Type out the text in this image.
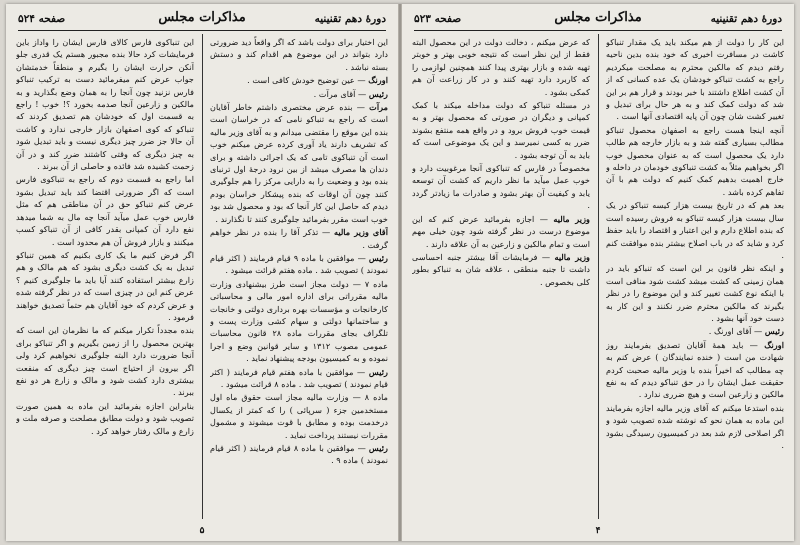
دورهٔ دهم تقنینیه
مذاکرات مجلس
صفحه ۵۲۴

این اختیار برای دولت باشد که اگر واقعاً دید ضرورتی دارد بتواند در این موضوع هم اقدام کند و دستش بسته نباشد .

اورنگ — عین توضیح خودش کافی است .

رئیس — آقای مرآت .

مرآت — بنده عرض مختصری داشتم خاطر آقایان است که راجع به تنباکو نامی که در خراسان است بنده این موقع را مقتضی میدانم و به آقای وزیر مالیه که تشریف دارند یاد آوری کرده عرض میکنم خوب است آن تنباکوی تامی که یک اجرائی داشته و برای دندان ها مصرف میشد از بین نرود درجهٔ اول ترنبای بنده بود و وضعیت را به دارایی مرکز را هم جلوگیری کنند چون آن اوقات که بنده پیشکار خراسان بودم دیدم که حاصل این کار آنجا که بود و محصول شد بود خوب است مقرر بفرمائید جلوگیری کنند تا نگذارند .

آقای وزیر مالیه — تذکر آقا را بنده در نظر خواهم گرفت .

رئیس — موافقین با ماده ۹ قیام فرمایند ( اکثر قیام نمودند ) تصویب شد . ماده هفتم قرائت میشود .

ماده ۷ — دولت مجاز است طرز بیشنهادی وزارت مالیه مقرراتی برای اداره امور مالی و محاسباتی کارخانجات و مؤسسات بهره برداری دولتی و خانجات و ساختمانها دولتی و سهام کشی وزارت پست و تلگراف بجای مقررات ماده ۲۸ قانون محاسبات عمومی مصوب ۱۳۱۲ و سایر قوانین وضع و اجرا نموده و به کمیسیون بودجه پیشنهاد نماید .

رئیس — موافقین با ماده هفتم قیام فرمایند ( اکثر قیام نمودند ) تصویب شد . ماده ۸ قرائت میشود .

ماده ۸ — وزارت مالیه مجاز است حقوق ماه اول مستخدمین جزء ( سرپائی ) را که کمتر از یکسال درخدمت بوده و مطابق با قوت میشوند و مشمول مقررات نیستند پرداخت نماید .

رئیس — موافقین با ماده ۸ قیام فرمایند ( اکثر قیام نمودند ) ماده ۹ .

این تنباکوی فارس کالای فارس ایشان را واداز باین فرمایشات کرد حالا بنده مجبور هستم یک قدری جلو آنکن حرارت ایشان را بگیرم و منطقاً خدمتشان جواب عرض کنم میفرمائید دست به ترکیب تنباکو فارس نزنید چون آنجا را به همان وضع بگذارید و به مالکین و زارعین آنجا صدمه بخورد ؟! خوب ! راجع به قسمت اول که خودشان هم تصدیق کردند که تنباکو که کوی اصفهان بازار خارجی ندارد و کاشت آن حالا جز ضرر چیز دیگری نیست و باید تبدیل شود به چیز دیگری که وقتی کاشتند ضرر کند و در آن زحمت کشیده شد فائده و حاصلی از آن ببرند .

اما راجع به قسمت دوم که راجع به تنباکوی فارس است که اگر ضرورتی اقتضا کند باید تبدیل بشود عرض کنم تنباکو حق در آن مناطقی هم که مثل فارس خوب عمل میآید آنجا چه مال به شما میدهد نفع دارد آن کمپانی بقدر کافی از آن تنباکو کسب میکنند و بازار فروش آن هم محدود است .

اگر فرض کنیم ما یک کاری بکنیم که همین تنباکو تبدیل به یک کشت دیگری بشود که هم مالک و هم زارع بیشتر استفاده کنند آیا باید ما جلوگیری کنیم ؟ عرض کنم این در چیزی است که در نظر گرفته شده و عرض کردم که خود آقایان هم حتماً تصدیق خواهند فرمود .

بنده مجدداً تکرار میکنم که ما نظرمان این است که بهترین محصول را از زمین بگیریم و اگر تنباکو برای آنجا ضرورت دارد البته جلوگیری نخواهیم کرد ولی اگر بیرون از احتیاج است چیز دیگری که منفعت بیشتری دارد کشت شود و مالک و زارع هر دو نفع ببرند .

بنابراین اجازه بفرمائید این ماده به همین صورت تصویب شود و دولت مطابق مصلحت و صرفه ملت و زارع و مالک رفتار خواهد کرد .

۵
دورهٔ دهم تقنینیه
مذاکرات مجلس
صفحه ۵۲۳

این کار را دولت از هم میکند باید یک مقدار تنباکو کاشت در مسافرت اخیری که خود بنده بدین ناحیه رفتم دیدم که مالکین محترم به مصلحت میکردیم راجع به کشت تنباکو خودشان یک عده کسانی که از آن کشت اطلاع داشتند با خبر بودند و قرار هم بر این شد که دولت کمک کند و به هر حال برای تبدیل و تغییر کشت شان چون آن پایه اقتصادی آنها است .

آنچه اینجا هست راجع به اصفهان محصول تنباکو مطالب بسیاری گفته شد و به بازار خارجه هم طالب دارد یک محصول است که به عنوان محصول خوب اگر بخواهیم مثلاً به کشت تنباکوی خودمان در داخله و خارج اهمیت بدهیم کمک کنیم که دولت هم با آن تفاهم کرده باشد .

بعد هم که در تاریخ بیست هزار کیسه تنباکو در یک سال بیست هزار کیسه تنباکو به فروش رسیده است که بنده اطلاع دارم و این اعتبار و اقتصاد را باید حفظ کرد و شاید که در باب اصلاح بیشتر بنده موافقت کنم .

و اینکه نظر قانون بر این است که تنباکو باید در همان زمینی که کشت میشد کشت شود منافی است با اینکه نوع کشت تغییر کند و این موضوع را در نظر بگیرند که مالکین محترم ضرر نکنند و این کار به دست خود آنها بشود .

رئیس — آقای اورنگ .

اورنگ — باید همهٔ آقایان تصدیق بفرمایند روز شهادت من است ( خنده نمایندگان ) عرض کنم به چه مطالب که اخیراً بنده با وزیر مالیه صحبت کردم حقیقت عمل ایشان را در حق تنباکو دیدم که به نفع مالکین و زارعین است و هیچ ضرری ندارد .

بنده استدعا میکنم که آقای وزیر مالیه اجازه بفرمایند این ماده به همان نحو که نوشته شده تصویب شود و اگر اصلاحی لازم شد بعد در کمیسیون رسیدگی بشود .

که عرض میکنم ، دخالت دولت در این محصول البته فقط از این نظر است که نتیجه خوبی بهتر و خوبتر تهیه شده و بازار بهتری پیدا کنند همچنین لوازمی را که کاربرد دارد تهیه کنند و در کار زراعت آن هم کمکی بشود .

در مسئله تنباکو که دولت مداخله میکند با کمک کمپانی و دیگران در صورتی که محصول بهتر و به قیمت خوب فروش برود و در واقع همه منتفع بشوند ضرر به کسی نمیرسد و این یک موضوعی است که باید به آن توجه بشود .

مخصوصاً در فارس که تنباکوی آنجا مرغوبیت دارد و خوب عمل میآید ما نظر داریم که کشت آن توسعه یابد و کیفیت آن بهتر بشود و صادرات ما زیادتر گردد .

وزیر مالیه — اجازه بفرمائید عرض کنم که این موضوع درست در نظر گرفته شود چون خیلی مهم است و تمام مالکین و زارعین به آن علاقه دارند .

وزیر مالیه — فرمایشات آقا بیشتر جنبه احساسی داشت تا جنبه منطقی ، علاقه شان به تنباکو بطور کلی بخصوص .

۴
